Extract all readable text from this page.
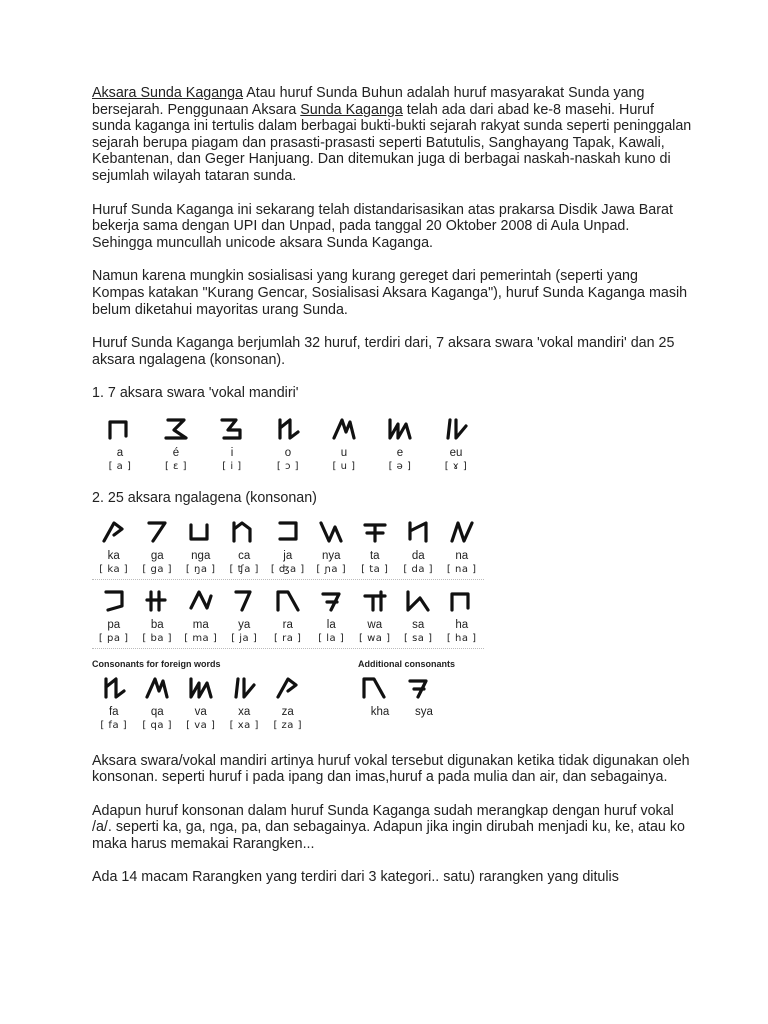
Aksara Sunda Kaganga Atau huruf Sunda Buhun adalah huruf masyarakat Sunda yang bersejarah. Penggunaan Aksara Sunda Kaganga telah ada dari abad ke-8 masehi. Huruf sunda kaganga ini tertulis dalam berbagai bukti-bukti sejarah rakyat sunda seperti peninggalan sejarah berupa piagam dan prasasti-prasasti seperti Batutulis, Sanghayang Tapak, Kawali, Kebantenan, dan Geger Hanjuang. Dan ditemukan juga di berbagai naskah-naskah kuno di sejumlah wilayah tataran sunda.

Huruf Sunda Kaganga ini sekarang telah distandarisasikan atas prakarsa Disdik Jawa Barat bekerja sama dengan UPI dan Unpad, pada tanggal 20 Oktober 2008 di Aula Unpad. Sehingga muncullah unicode aksara Sunda Kaganga.

Namun karena mungkin sosialisasi yang kurang gereget dari pemerintah (seperti yang Kompas katakan "Kurang Gencar, Sosialisasi Aksara Kaganga"), huruf Sunda Kaganga masih belum diketahui mayoritas urang Sunda.

Huruf Sunda Kaganga berjumlah 32 huruf, terdiri dari, 7 aksara swara 'vokal mandiri' dan 25 aksara ngalagena (konsonan).

1. 7 aksara swara 'vokal mandiri'

a
[ a ]
é
[ ɛ ]
i
[ i ]
o
[ ɔ ]
u
[ u ]
e
[ ə ]
eu
[ ɤ ]

2. 25 aksara ngalagena (konsonan)

ka
[ ka ]
ga
[ ga ]
nga
[ ŋa ]
ca
[ ʧa ]
ja
[ ʤa ]
nya
[ ɲa ]
ta
[ ta ]
da
[ da ]
na
[ na ]
pa
[ pa ]
ba
[ ba ]
ma
[ ma ]
ya
[ ja ]
ra
[ ra ]
la
[ la ]
wa
[ wa ]
sa
[ sa ]
ha
[ ha ]

Consonants for foreign words	Additional consonants

fa
[ fa ]
qa
[ qa ]
va
[ va ]
xa
[ xa ]
za
[ za ]
kha	sya

Aksara swara/vokal mandiri artinya huruf vokal tersebut digunakan ketika tidak digunakan oleh konsonan. seperti huruf i pada ipang dan imas,huruf a pada mulia dan air, dan sebagainya.

Adapun huruf konsonan dalam huruf Sunda Kaganga sudah merangkap dengan huruf vokal /a/. seperti ka, ga, nga, pa, dan sebagainya. Adapun jika ingin dirubah menjadi ku, ke, atau ko maka harus memakai Rarangken...

Ada 14 macam Rarangken yang terdiri dari 3 kategori.. satu) rarangken yang ditulis
